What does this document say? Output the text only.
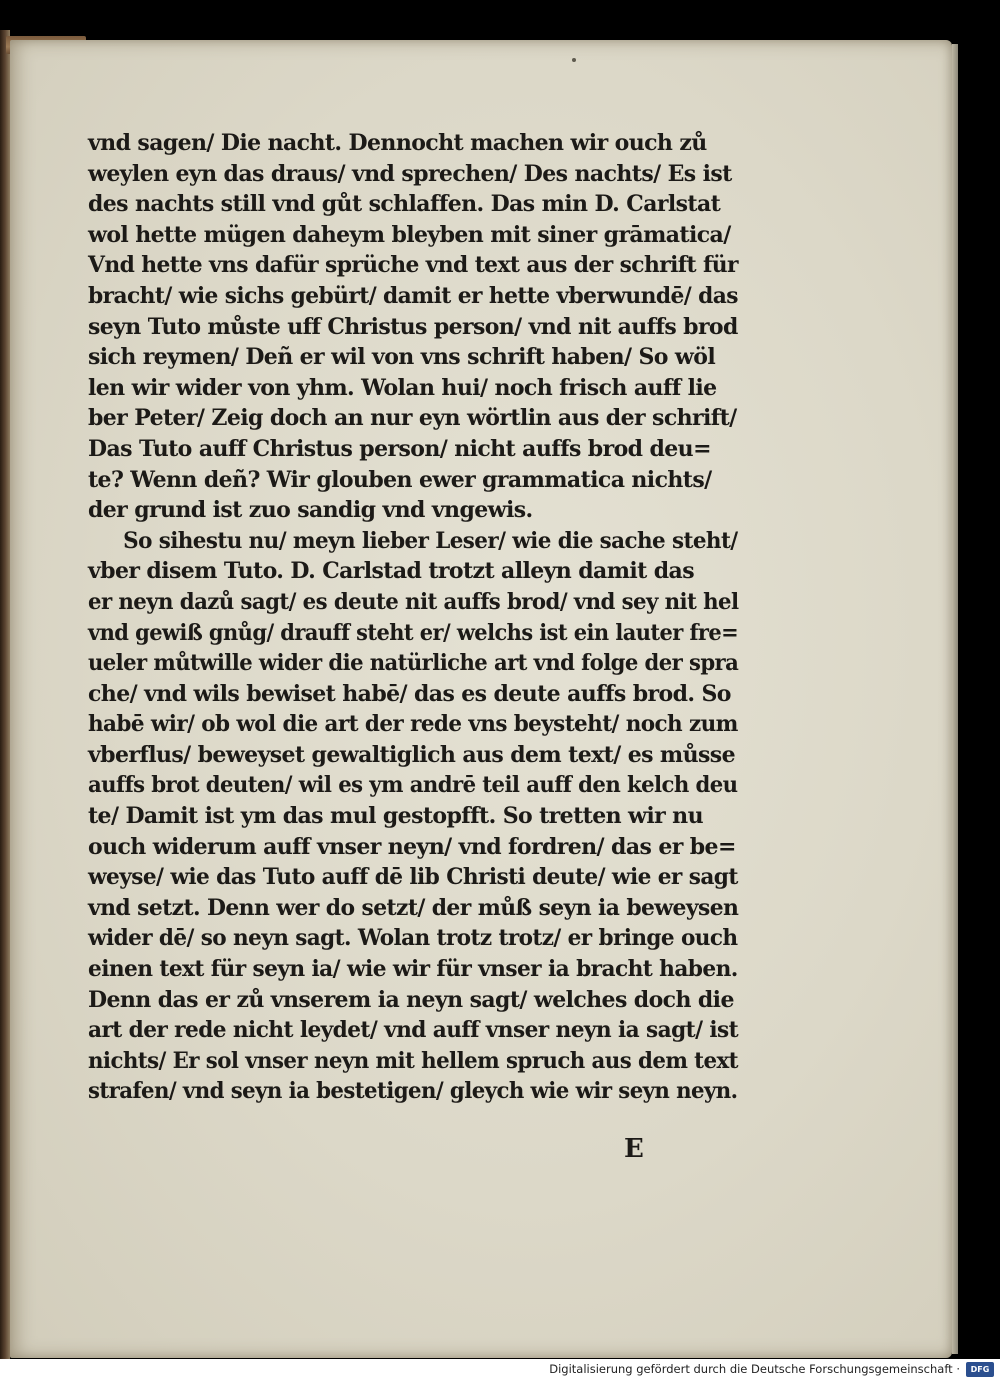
vnd sagen/ Die nacht. Dennocht machen wir ouch zů
weylen eyn das draus/ vnd sprechen/ Des nachts/ Es ist
des nachts still vnd gůt schlaffen. Das min D. Carlstat
wol hette mügen daheym bleyben mit siner grāmatica/
Vnd hette vns dafür sprüche vnd text aus der schrift für
bracht/ wie sichs gebürt/ damit er hette vberwundē/ das
seyn Tuto můste uff Christus person/ vnd nit auffs brod
sich reymen/ Deñ er wil von vns schrift haben/ So wöl
len wir wider von yhm. Wolan hui/ noch frisch auff lie
ber Peter/ Zeig doch an nur eyn wörtlin aus der schrift/
Das Tuto auff Christus person/ nicht auffs brod deu=
te? Wenn deñ? Wir glouben ewer grammatica nichts/
der grund ist zuo sandig vnd vngewis.
So sihestu nu/ meyn lieber Leser/ wie die sache steht/
vber disem Tuto. D. Carlstad trotzt alleyn damit das
er neyn dazů sagt/ es deute nit auffs brod/ vnd sey nit hel
vnd gewiß gnůg/ drauff steht er/ welchs ist ein lauter fre=
ueler můtwille wider die natürliche art vnd folge der spra
che/ vnd wils bewiset habē/ das es deute auffs brod. So
habē wir/ ob wol die art der rede vns beysteht/ noch zum
vberflus/ beweyset gewaltiglich aus dem text/ es můsse
auffs brot deuten/ wil es ym andrē teil auff den kelch deu
te/ Damit ist ym das mul gestopfft. So tretten wir nu
ouch widerum auff vnser neyn/ vnd fordren/ das er be=
weyse/ wie das Tuto auff dē lib Christi deute/ wie er sagt
vnd setzt. Denn wer do setzt/ der můß seyn ia beweysen
wider dē/ so neyn sagt. Wolan trotz trotz/ er bringe ouch
einen text für seyn ia/ wie wir für vnser ia bracht haben.
Denn das er zů vnserem ia neyn sagt/ welches doch die
art der rede nicht leydet/ vnd auff vnser neyn ia sagt/ ist
nichts/ Er sol vnser neyn mit hellem spruch aus dem text
strafen/ vnd seyn ia bestetigen/ gleych wie wir seyn neyn.
E
Digitalisierung gefördert durch die Deutsche Forschungsgemeinschaft ·	DFG
